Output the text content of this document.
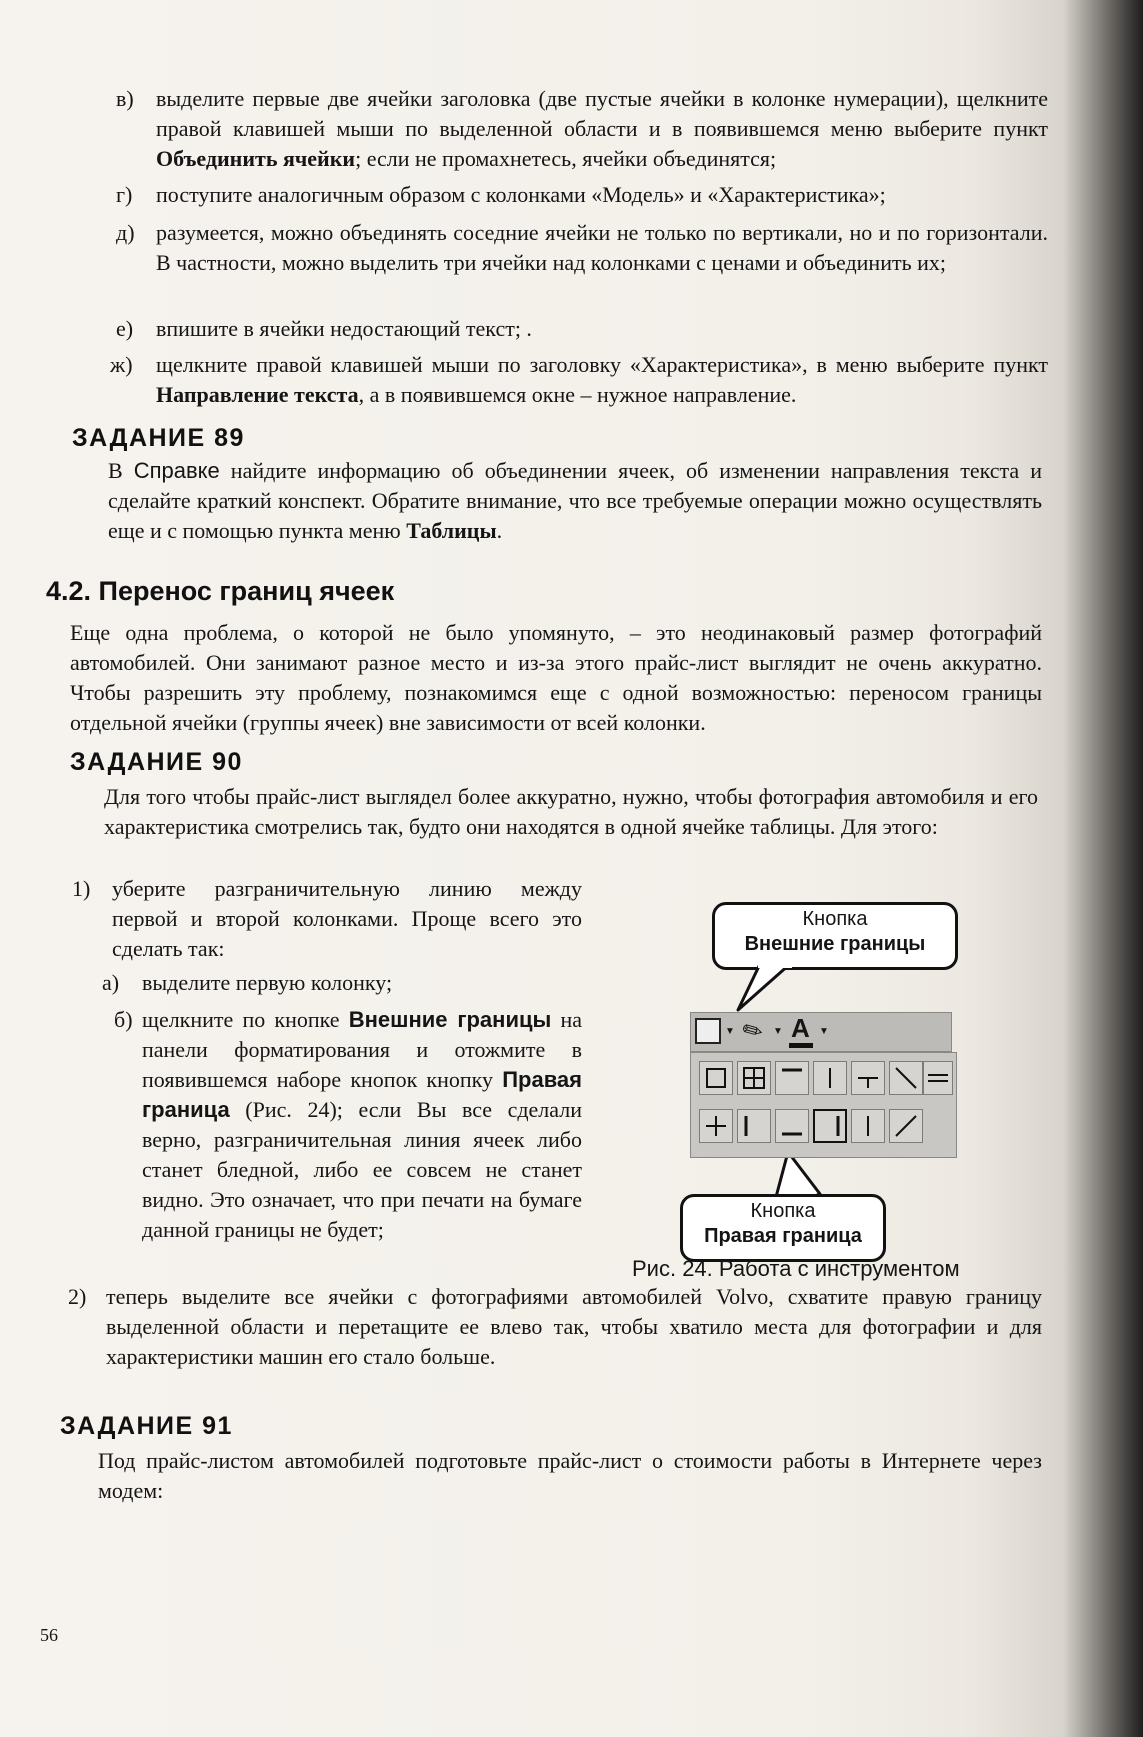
в) выделите первые две ячейки заголовка (две пустые ячейки в колонке нумерации), щелкните правой клавишей мыши по выделенной области и в появившемся меню выберите пункт Объединить ячейки; если не промахнетесь, ячейки объединятся;
г) поступите аналогичным образом с колонками «Модель» и «Характеристика»;
д) разумеется, можно объединять соседние ячейки не только по вертикали, но и по горизонтали. В частности, можно выделить три ячейки над колонками с ценами и объединить их;
е) впишите в ячейки недостающий текст; .
ж) щелкните правой клавишей мыши по заголовку «Характеристика», в меню выберите пункт Направление текста, а в появившемся окне – нужное направление.
ЗАДАНИЕ 89
В Справке найдите информацию об объединении ячеек, об изменении направления текста и сделайте краткий конспект. Обратите внимание, что все требуемые операции можно осуществлять еще и с помощью пункта меню Таблицы.
4.2. Перенос границ ячеек
Еще одна проблема, о которой не было упомянуто, – это неодинаковый размер фотографий автомобилей. Они занимают разное место и из-за этого прайс-лист выглядит не очень аккуратно. Чтобы разрешить эту проблему, познакомимся еще с одной возможностью: переносом границы отдельной ячейки (группы ячеек) вне зависимости от всей колонки.
ЗАДАНИЕ 90
Для того чтобы прайс-лист выглядел более аккуратно, нужно, чтобы фотография автомобиля и его характеристика смотрелись так, будто они находятся в одной ячейке таблицы. Для этого:
1) уберите разграничительную линию между первой и второй колонками. Проще всего это сделать так:
а) выделите первую колонку;
б) щелкните по кнопке Внешние границы на панели форматирования и отожмите в появившемся наборе кнопок кнопку Правая граница (Рис. 24); если Вы все сделали верно, разграничительная линия ячеек либо станет бледной, либо ее совсем не станет видно. Это означает, что при печати на бумаге данной границы не будет;
2) теперь выделите все ячейки с фотографиями автомобилей Volvo, схватите правую границу выделенной области и перетащите ее влево так, чтобы хватило места для фотографии и для характеристики машин его стало больше.
ЗАДАНИЕ 91
Под прайс-листом автомобилей подготовьте прайс-лист о стоимости работы в Интернете через модем:
56
Кнопка
Внешние границы
▼ ✎ ▼ A ▼
Кнопка
Правая граница
Рис. 24. Работа с инструментом
